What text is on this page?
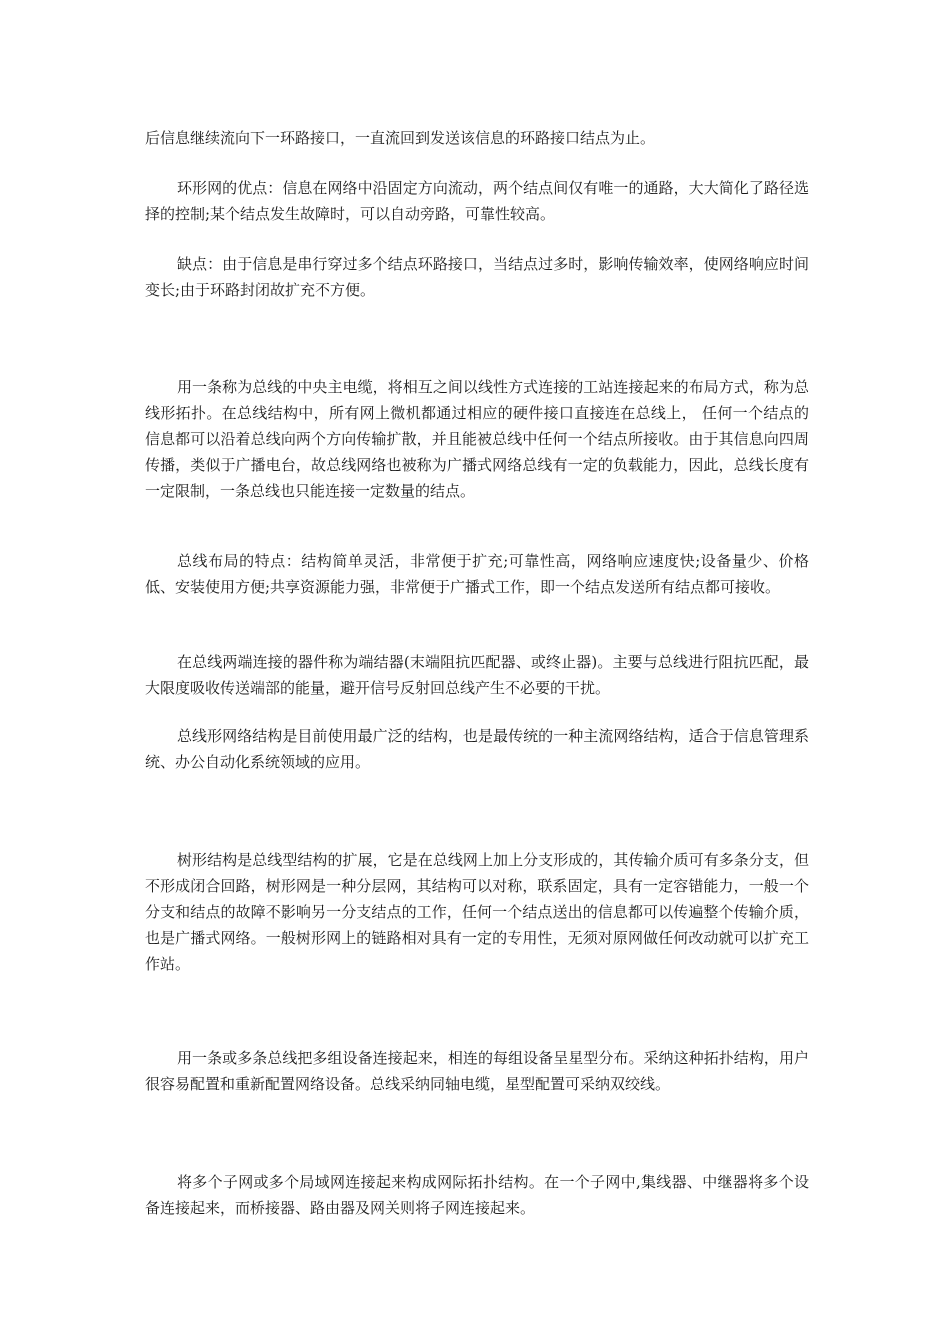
后信息继续流向下一环路接口，一直流回到发送该信息的环路接口结点为止。

环形网的优点：信息在网络中沿固定方向流动，两个结点间仅有唯一的通路，大大简化了路径选择的控制;某个结点发生故障时，可以自动旁路，可靠性较高。

缺点：由于信息是串行穿过多个结点环路接口，当结点过多时，影响传输效率，使网络响应时间变长;由于环路封闭故扩充不方便。

用一条称为总线的中央主电缆，将相互之间以线性方式连接的工站连接起来的布局方式，称为总线形拓扑。在总线结构中，所有网上微机都通过相应的硬件接口直接连在总线上， 任何一个结点的信息都可以沿着总线向两个方向传输扩散，并且能被总线中任何一个结点所接收。由于其信息向四周传播，类似于广播电台，故总线网络也被称为广播式网络总线有一定的负载能力，因此，总线长度有一定限制，一条总线也只能连接一定数量的结点。

总线布局的特点：结构简单灵活，非常便于扩充;可靠性高，网络响应速度快;设备量少、价格低、安装使用方便;共享资源能力强，非常便于广播式工作，即一个结点发送所有结点都可接收。

在总线两端连接的器件称为端结器(末端阻抗匹配器、或终止器)。主要与总线进行阻抗匹配，最大限度吸收传送端部的能量，避开信号反射回总线产生不必要的干扰。

总线形网络结构是目前使用最广泛的结构，也是最传统的一种主流网络结构，适合于信息管理系统、办公自动化系统领域的应用。

树形结构是总线型结构的扩展，它是在总线网上加上分支形成的，其传输介质可有多条分支，但不形成闭合回路，树形网是一种分层网，其结构可以对称，联系固定，具有一定容错能力，一般一个分支和结点的故障不影响另一分支结点的工作，任何一个结点送出的信息都可以传遍整个传输介质，也是广播式网络。一般树形网上的链路相对具有一定的专用性，无须对原网做任何改动就可以扩充工作站。

用一条或多条总线把多组设备连接起来，相连的每组设备呈星型分布。采纳这种拓扑结构，用户很容易配置和重新配置网络设备。总线采纳同轴电缆，星型配置可采纳双绞线。

将多个子网或多个局域网连接起来构成网际拓扑结构。在一个子网中,集线器、中继器将多个设备连接起来，而桥接器、路由器及网关则将子网连接起来。
